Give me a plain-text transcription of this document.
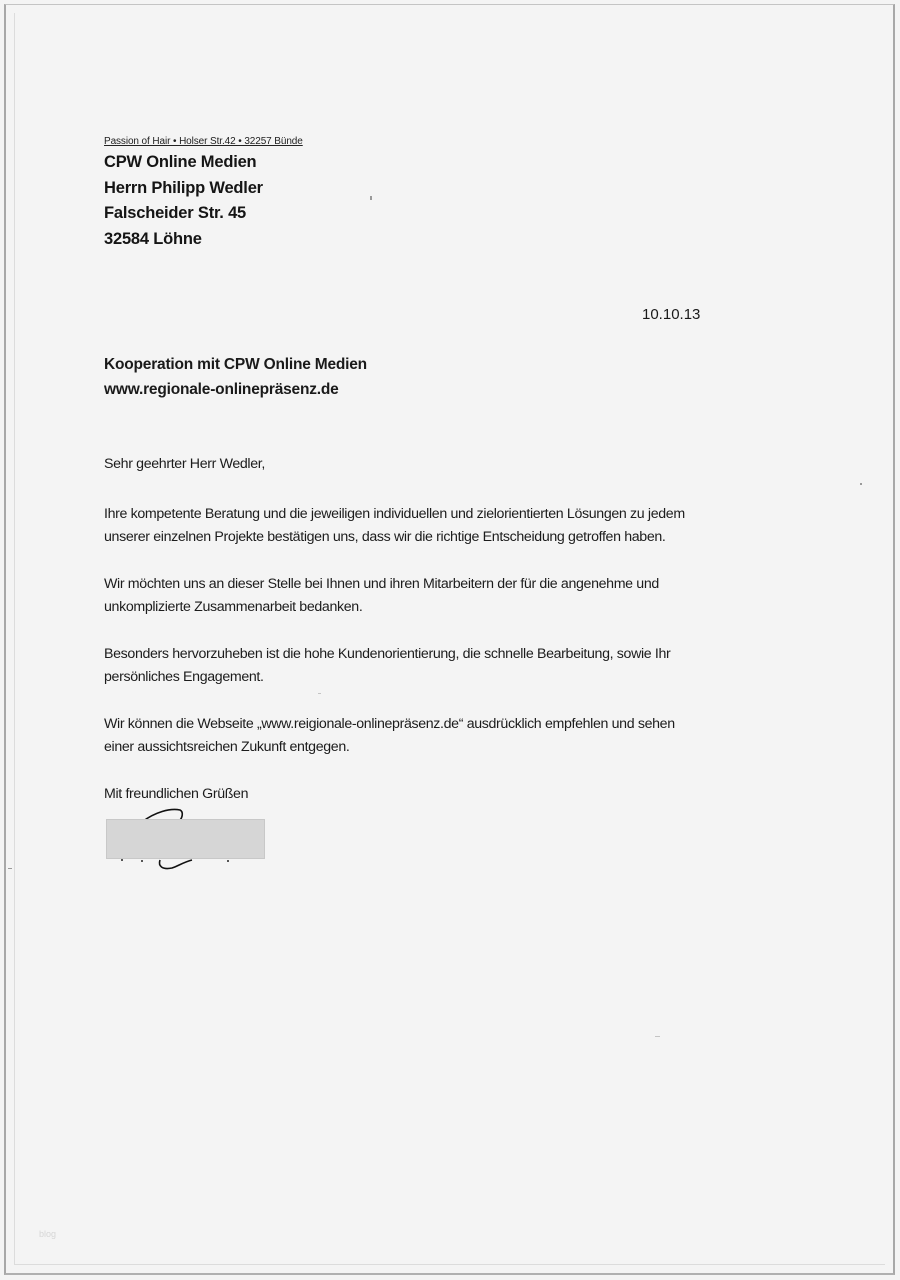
Passion of Hair • Holser Str.42 • 32257 Bünde
CPW Online Medien
Herrn Philipp Wedler
Falscheider Str. 45
32584 Löhne
10.10.13
Kooperation mit CPW Online Medien
www.regionale-onlinepräsenz.de
Sehr geehrter Herr Wedler,
Ihre kompetente Beratung und die jeweiligen individuellen und zielorientierten Lösungen zu jedem
unserer einzelnen Projekte bestätigen uns, dass wir die richtige Entscheidung getroffen haben.
Wir möchten uns an dieser Stelle bei Ihnen und ihren Mitarbeitern der für die angenehme und
unkomplizierte Zusammenarbeit bedanken.
Besonders hervorzuheben ist die hohe Kundenorientierung, die schnelle Bearbeitung, sowie Ihr
persönliches Engagement.
Wir können die Webseite „www.reigionale-onlinepräsenz.de“ ausdrücklich empfehlen und sehen
einer aussichtsreichen Zukunft entgegen.
Mit freundlichen Grüßen
blog
